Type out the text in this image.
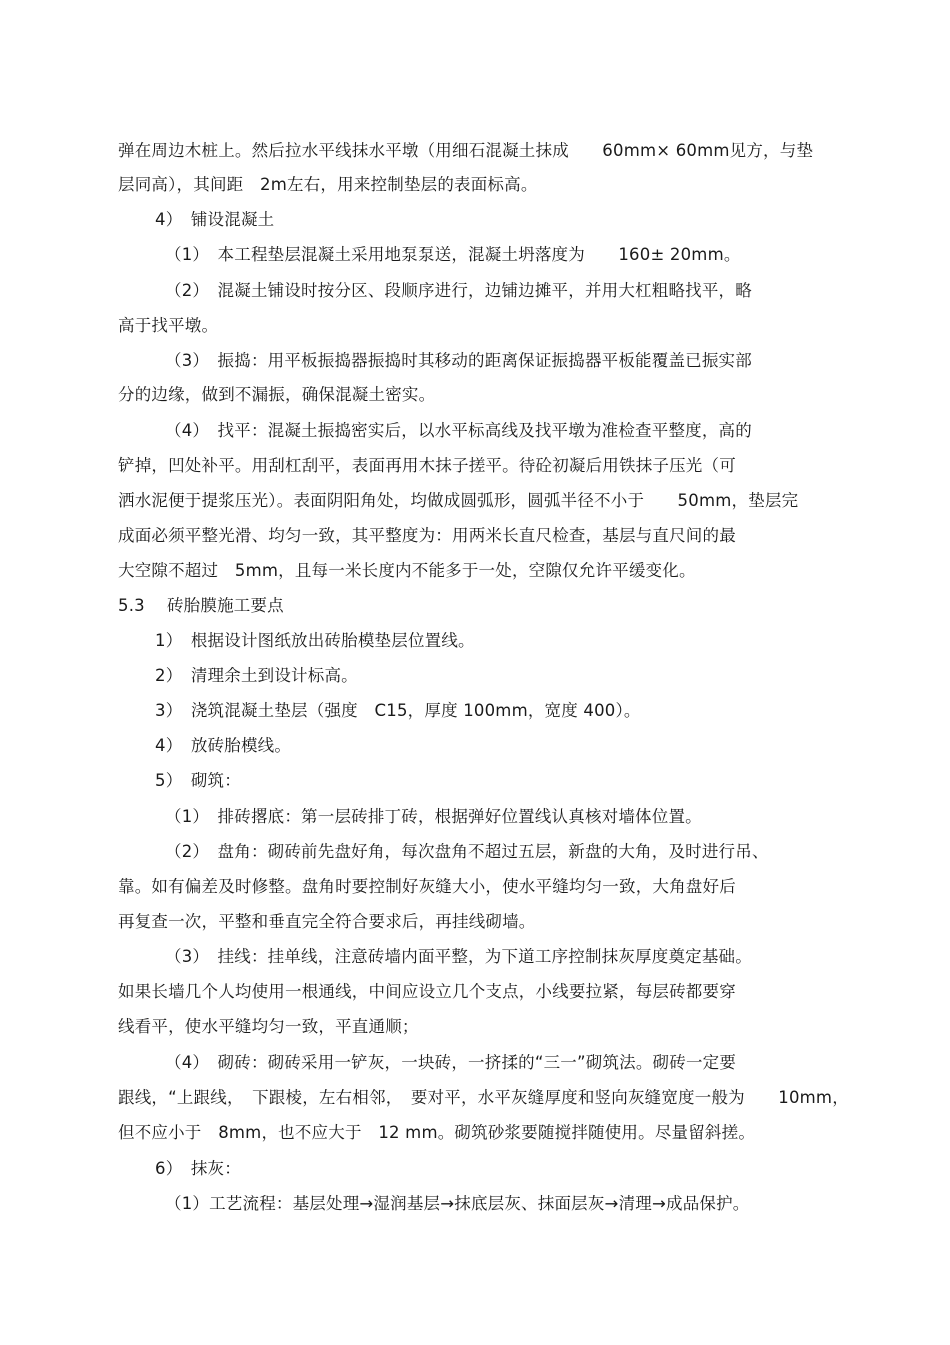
弹在周边木桩上。然后拉水平线抹水平墩（用细石混凝土抹成　　60mm× 60mm见方，与垫
层同高），其间距　2m左右，用来控制垫层的表面标高。
4）　铺设混凝土
（1）　本工程垫层混凝土采用地泵泵送，混凝土坍落度为　　160± 20mm。
（2）　混凝土铺设时按分区、段顺序进行，边铺边摊平，并用大杠粗略找平，略
高于找平墩。
（3）　振捣：用平板振捣器振捣时其移动的距离保证振捣器平板能覆盖已振实部
分的边缘，做到不漏振，确保混凝土密实。
（4）　找平：混凝土振捣密实后，以水平标高线及找平墩为准检查平整度，高的
铲掉，凹处补平。用刮杠刮平，表面再用木抹子搓平。待砼初凝后用铁抹子压光（可
洒水泥便于提浆压光）。表面阴阳角处，均做成圆弧形，圆弧半径不小于　　50mm，垫层完
成面必须平整光滑、均匀一致，其平整度为：用两米长直尺检查，基层与直尺间的最
大空隙不超过　5mm，且每一米长度内不能多于一处，空隙仅允许平缓变化。
5.3　 砖胎膜施工要点
1）　根据设计图纸放出砖胎模垫层位置线。
2）　清理余土到设计标高。
3）　浇筑混凝土垫层（强度　C15，厚度 100mm，宽度 400）。
4）　放砖胎模线。
5）　砌筑：
（1）　排砖撂底：第一层砖排丁砖，根据弹好位置线认真核对墙体位置。
（2）　盘角：砌砖前先盘好角，每次盘角不超过五层，新盘的大角，及时进行吊、
靠。如有偏差及时修整。盘角时要控制好灰缝大小，使水平缝均匀一致，大角盘好后
再复查一次，平整和垂直完全符合要求后，再挂线砌墙。
（3）　挂线：挂单线，注意砖墙内面平整，为下道工序控制抹灰厚度奠定基础。
如果长墙几个人均使用一根通线，中间应设立几个支点，小线要拉紧，每层砖都要穿
线看平，使水平缝均匀一致，平直通顺；
（4）　砌砖：砌砖采用一铲灰，一块砖，一挤揉的“三一”砌筑法。砌砖一定要
跟线，“上跟线，　下跟棱，左右相邻，　要对平，水平灰缝厚度和竖向灰缝宽度一般为　　10mm，
但不应小于　8mm，也不应大于　12 mm。砌筑砂浆要随搅拌随使用。尽量留斜搓。
6）　抹灰：
（1）工艺流程：基层处理→湿润基层→抹底层灰、抹面层灰→清理→成品保护。
